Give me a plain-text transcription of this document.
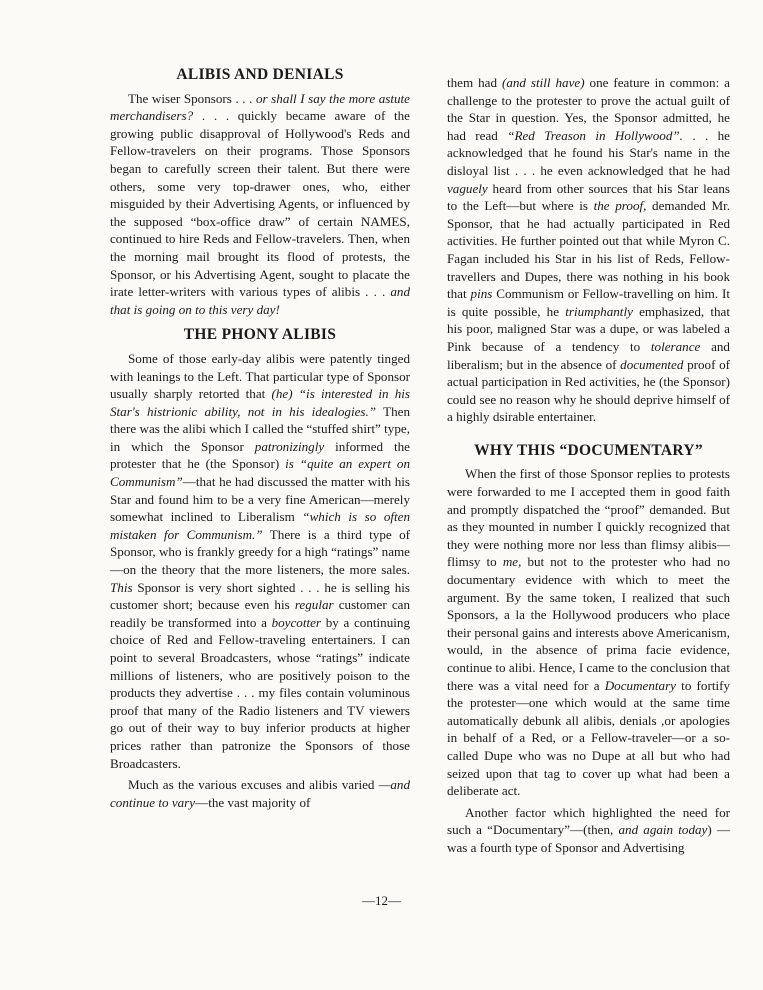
ALIBIS AND DENIALS

The wiser Sponsors . . . or shall I say the more astute merchandisers? . . . quickly became aware of the growing public disapproval of Hollywood's Reds and Fellow-travelers on their programs. Those Sponsors began to carefully screen their talent. But there were others, some very top-drawer ones, who, either misguided by their Advertising Agents, or influenced by the supposed “box-office draw” of certain NAMES, continued to hire Reds and Fellow-travelers. Then, when the morning mail brought its flood of protests, the Sponsor, or his Advertising Agent, sought to placate the irate letter-writers with various types of alibis . . . and that is going on to this very day!

THE PHONY ALIBIS

Some of those early-day alibis were patently tinged with leanings to the Left. That particular type of Sponsor usually sharply retorted that (he) “is interested in his Star's histrionic ability, not in his idealogies.” Then there was the alibi which I called the “stuffed shirt” type, in which the Sponsor patronizingly informed the protester that he (the Sponsor) is “quite an expert on Communism”—that he had discussed the matter with his Star and found him to be a very fine American—merely somewhat inclined to Liberalism “which is so often mistaken for Communism.” There is a third type of Sponsor, who is frankly greedy for a high “ratings” name—on the theory that the more listeners, the more sales. This Sponsor is very short sighted . . . he is selling his customer short; because even his regular customer can readily be transformed into a boycotter by a continuing choice of Red and Fellow-traveling entertainers. I can point to several Broadcasters, whose “ratings” indicate millions of listeners, who are positively poison to the products they advertise . . . my files contain voluminous proof that many of the Radio listeners and TV viewers go out of their way to buy inferior products at higher prices rather than patronize the Sponsors of those Broadcasters.

Much as the various excuses and alibis varied —and continue to vary—the vast majority of

them had (and still have) one feature in common: a challenge to the protester to prove the actual guilt of the Star in question. Yes, the Sponsor admitted, he had read “Red Treason in Hollywood”. . . he acknowledged that he found his Star's name in the disloyal list . . . he even acknowledged that he had vaguely heard from other sources that his Star leans to the Left—but where is the proof, demanded Mr. Sponsor, that he had actually participated in Red activities. He further pointed out that while Myron C. Fagan included his Star in his list of Reds, Fellow-travellers and Dupes, there was nothing in his book that pins Communism or Fellow-travelling on him. It is quite possible, he triumphantly emphasized, that his poor, maligned Star was a dupe, or was labeled a Pink because of a tendency to tolerance and liberalism; but in the absence of documented proof of actual participation in Red activities, he (the Sponsor) could see no reason why he should deprive himself of a highly dsirable entertainer.

WHY THIS “DOCUMENTARY”

When the first of those Sponsor replies to protests were forwarded to me I accepted them in good faith and promptly dispatched the “proof” demanded. But as they mounted in number I quickly recognized that they were nothing more nor less than flimsy alibis—flimsy to me, but not to the protester who had no documentary evidence with which to meet the argument. By the same token, I realized that such Sponsors, a la the Hollywood producers who place their personal gains and interests above Americanism, would, in the absence of prima facie evidence, continue to alibi. Hence, I came to the conclusion that there was a vital need for a Documentary to fortify the protester—one which would at the same time automatically debunk all alibis, denials ,or apologies in behalf of a Red, or a Fellow-traveler—or a so-called Dupe who was no Dupe at all but who had seized upon that tag to cover up what had been a deliberate act.

Another factor which highlighted the need for such a “Documentary”—(then, and again today) —was a fourth type of Sponsor and Advertising

—12—
